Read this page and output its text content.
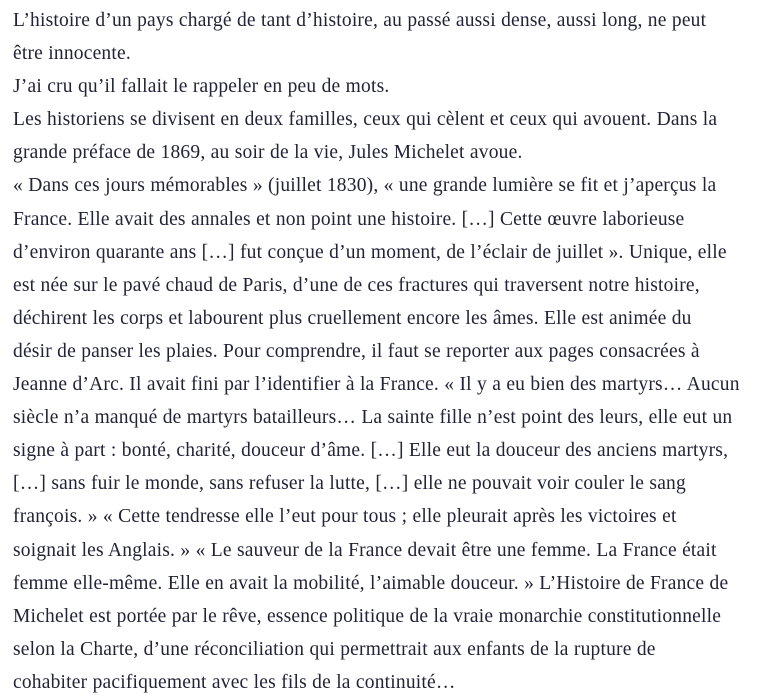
L’histoire d’un pays chargé de tant d’histoire, au passé aussi dense, aussi long, ne peut
être innocente.

J’ai cru qu’il fallait le rappeler en peu de mots.

Les historiens se divisent en deux familles, ceux qui cèlent et ceux qui avouent. Dans la
grande préface de 1869, au soir de la vie, Jules Michelet avoue.

« Dans ces jours mémorables » (juillet 1830), « une grande lumière se fit et j’aperçus la
France. Elle avait des annales et non point une histoire. […] Cette œuvre laborieuse
d’environ quarante ans […] fut conçue d’un moment, de l’éclair de juillet ». Unique, elle
est née sur le pavé chaud de Paris, d’une de ces fractures qui traversent notre histoire,
déchirent les corps et labourent plus cruellement encore les âmes. Elle est animée du
désir de panser les plaies. Pour comprendre, il faut se reporter aux pages consacrées à
Jeanne d’Arc. Il avait fini par l’identifier à la France. « Il y a eu bien des martyrs… Aucun
siècle n’a manqué de martyrs batailleurs… La sainte fille n’est point des leurs, elle eut un
signe à part : bonté, charité, douceur d’âme. […] Elle eut la douceur des anciens martyrs,
[…] sans fuir le monde, sans refuser la lutte, […] elle ne pouvait voir couler le sang
françois. » « Cette tendresse elle l’eut pour tous ; elle pleurait après les victoires et
soignait les Anglais. » « Le sauveur de la France devait être une femme. La France était
femme elle-même. Elle en avait la mobilité, l’aimable douceur. » L’Histoire de France de
Michelet est portée par le rêve, essence politique de la vraie monarchie constitutionnelle
selon la Charte, d’une réconciliation qui permettrait aux enfants de la rupture de
cohabiter pacifiquement avec les fils de la continuité…
